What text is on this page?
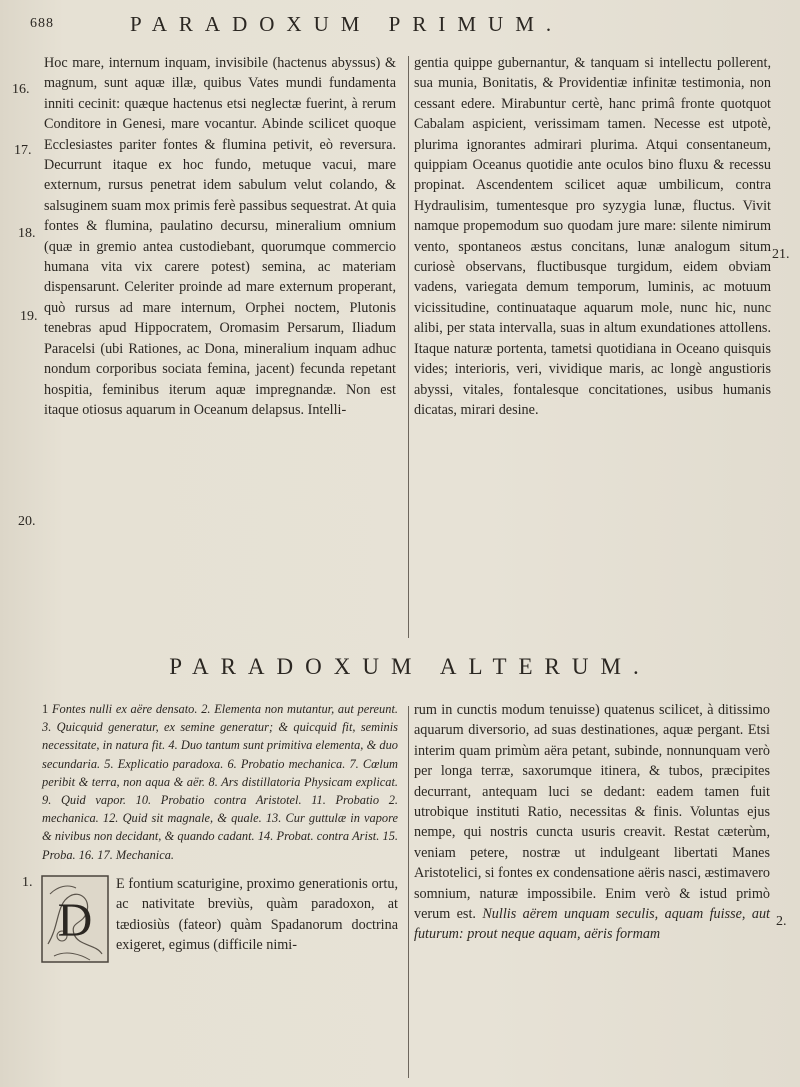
688	PARADOXUM PRIMUM.
16.
17.
18.
19.
20.

Hoc mare, internum inquam, invisibile (hactenus abyssus) & magnum, sunt aquæ illæ, quibus Vates mundi fundamenta inniti cecinit: quæque hactenus etsi neglectæ fuerint, à rerum Conditore in Genesi, mare vocantur. Abinde scilicet quoque Ecclesiastes pariter fontes & flumina petivit, eò reversura. Decurrunt itaque ex hoc fundo, metuque vacui, mare externum, rursus penetrat idem sabulum velut colando, & salsuginem suam mox primis ferè passibus sequestrat. At quia fontes & flumina, paulatino decursu, mineralium omnium (quæ in gremio antea custodiebant, quorumque commercio humana vita vix carere potest) semina, ac materiam dispensarunt. Celeriter proinde ad mare externum properant, quò rursus ad mare internum, Orphei noctem, Plutonis tenebras apud Hippocratem, Oromasim Persarum, Iliadum Paracelsi (ubi Rationes, ac Dona, mineralium inquam adhuc nondum corporibus sociata femina, jacent) fecunda repetant hospitia, feminibus iterum aquæ impregnandæ. Non est itaque otiosus aquarum in Oceanum delapsus. Intelli-

gentia quippe gubernantur, & tanquam si intellectu pollerent, sua munia, Bonitatis, & Providentiæ infinitæ testimonia, non cessant edere. Mirabuntur certè, hanc primâ fronte quotquot Cabalam aspicient, verissimam tamen. Necesse est utpotè, plurima ignorantes admirari plurima. Atqui consentaneum, quippiam Oceanus quotidie ante oculos bino fluxu & recessu propinat. Ascendentem scilicet aquæ umbilicum, contra Hydraulisim, tumentesque pro syzygia lunæ, fluctus. Vivit namque propemodum suo quodam jure mare: silente nimirum vento, spontaneos æstus concitans, lunæ analogum situm curiosè observans, fluctibusque turgidum, eidem obviam vadens, variegata demum temporum, luminis, ac motuum vicissitudine, continuataque aquarum mole, nunc hic, nunc alibi, per stata intervalla, suas in altum exundationes attollens. Itaque naturæ portenta, tametsi quotidiana in Oceano quisquis vides; interioris, veri, vividique maris, ac longè angustioris abyssi, vitales, fontalesque concitationes, usibus humanis dicatas, mirari desine.

21.
PARADOXUM ALTERUM.
1 Fontes nulli ex aëre densato. 2. Elementa non mutantur, aut pereunt. 3. Quicquid generatur, ex semine generatur; & quicquid fit, seminis necessitate, in natura fit. 4. Duo tantum sunt primitiva elementa, & duo secundaria. 5. Explicatio paradoxa. 6. Probatio mechanica. 7. Cœlum peribit & terra, non aqua & aër. 8. Ars distillatoria Physicam explicat. 9. Quid vapor. 10. Probatio contra Aristotel. 11. Probatio 2. mechanica. 12. Quid sit magnale, & quale. 13. Cur guttulæ in vapore & nivibus non decidant, & quando cadant. 14. Probat. contra Arist. 15. Proba. 16. 17. Mechanica.
1.
D
E fontium scaturigine, proximo generationis ortu, ac nativitate breviùs, quàm paradoxon, at tædiosiùs (fateor) quàm Spadanorum doctrina exigeret, egimus (difficile nimi-
rum in cunctis modum tenuisse) quatenus scilicet, à ditissimo aquarum diversorio, ad suas destinationes, aquæ pergant. Etsi interim quam primùm aëra petant, subinde, nonnunquam verò per longa terræ, saxorumque itinera, & tubos, præcipites decurrant, antequam luci se dedant: eadem tamen fuit utrobique instituti Ratio, necessitas & finis. Voluntas ejus nempe, qui nostris cuncta usuris creavit. Restat cæterùm, veniam petere, nostræ ut indulgeant libertati Manes Aristotelici, si fontes ex condensatione aëris nasci, æstimavero somnium, naturæ impossibile. Enim verò & istud primò verum est. Nullis aërem unquam seculis, aquam fuisse, aut futurum: prout neque aquam, aëris formam
2.
